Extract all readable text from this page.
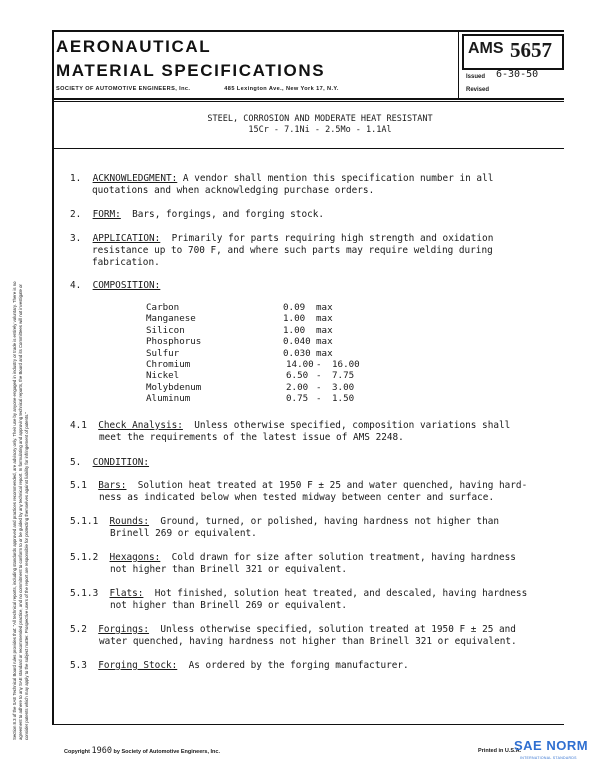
AERONAUTICAL
MATERIAL SPECIFICATIONS
SOCIETY OF AUTOMOTIVE ENGINEERS, Inc.	485 Lexington Ave., New York 17, N.Y.
AMS 5657
Issued 6-30-50
Revised
STEEL, CORROSION AND MODERATE HEAT RESISTANT
15Cr - 7.1Ni - 2.5Mo - 1.1Al
1. ACKNOWLEDGMENT: A vendor shall mention this specification number in all
quotations and when acknowledging purchase orders.
2. FORM: Bars, forgings, and forging stock.
3. APPLICATION: Primarily for parts requiring high strength and oxidation
resistance up to 700 F, and where such parts may require welding during
fabrication.
4. COMPOSITION:
Carbon	0.09 max
Manganese	1.00 max
Silicon	1.00 max
Phosphorus	0.040 max
Sulfur	0.030 max
Chromium	14.00 - 16.00
Nickel	6.50 - 7.75
Molybdenum	2.00 - 3.00
Aluminum	0.75 - 1.50
4.1 Check Analysis: Unless otherwise specified, composition variations shall
meet the requirements of the latest issue of AMS 2248.
5. CONDITION:
5.1 Bars: Solution heat treated at 1950 F ± 25 and water quenched, having hard-
ness as indicated below when tested midway between center and surface.
5.1.1 Rounds: Ground, turned, or polished, having hardness not higher than
Brinell 269 or equivalent.
5.1.2 Hexagons: Cold drawn for size after solution treatment, having hardness
not higher than Brinell 321 or equivalent.
5.1.3 Flats: Hot finished, solution heat treated, and descaled, having hardness
not higher than Brinell 269 or equivalent.
5.2 Forgings: Unless otherwise specified, solution treated at 1950 F ± 25 and
water quenched, having hardness not higher than Brinell 321 or equivalent.
5.3 Forging Stock: As ordered by the forging manufacturer.
Section 8.3 of the SAE Technical Board rules provides that: "All technical reports, including standards approved and practices recommended, are advisory only. Their use by anyone engaged in industry or trade is entirely voluntary. There is no agreement to adhere to any SAE standard or recommended practice, and no commitment to conform to or be guided by any technical report. In formulating and approving technical reports, the Board and its Committees will not investigate or consider patents which may apply to the subject matter. Prospective users of the report are responsible for protecting themselves against liability for infringement of patents."
Copyright 1960 by Society of Automotive Engineers, Inc.	Printed in U.S.A.
SAE NORM
INTERNATIONAL STANDARDS
